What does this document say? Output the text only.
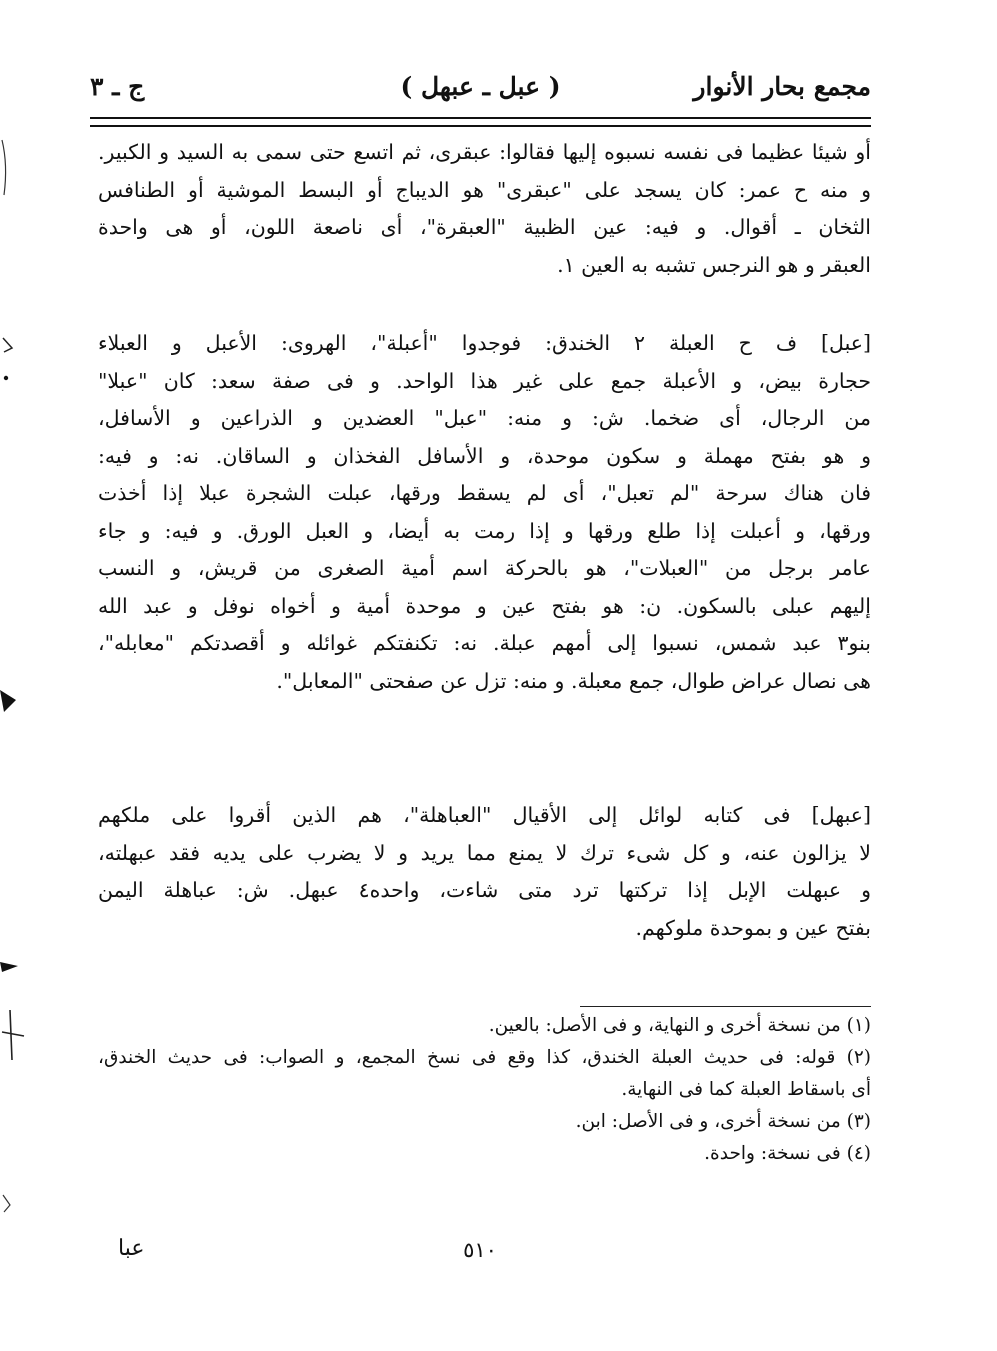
مجمع بحار الأنوار
( عبل ـ عبهل )
ج ـ ٣
أو شيئا عظيما فى نفسه نسبوه إليها فقالوا: عبقرى، ثم اتسع حتى سمى به السيد و الكبير.
و منه ح عمر: كان يسجد على "عبقرى" هو الديباج أو البسط الموشية أو الطنافس
الثخان ـ أقوال. و فيه: عين الظبية "العبقرة"، أى ناصعة اللون، أو هى واحدة
العبقر و هو النرجس تشبه به العين ١.
[عبل] ف ح العبلة ٢ الخندق: فوجدوا "أعبلة"، الهروى: الأعبل و العبلاء
حجارة بيض، و الأعبلة جمع على غير هذا الواحد. و فى صفة سعد: كان "عبلا"
من الرجال، أى ضخما. ش: و منه: "عبل" العضدين و الذراعين و الأسافل،
و هو بفتح مهملة و سكون موحدة، و الأسافل الفخذان و الساقان. نه: و فيه:
فان هناك سرحة "لم تعبل"، أى لم يسقط ورقها، عبلت الشجرة عبلا إذا أخذت
ورقها، و أعبلت إذا طلع ورقها و إذا رمت به أيضا، و العبل الورق. و فيه: و جاء
عامر برجل من "العبلات"، هو بالحركة اسم أمية الصغرى من قريش، و النسب
إليهم عبلى بالسكون. ن: هو بفتح عين و موحدة أمية و أخواه نوفل و عبد الله
بنو٣ عبد شمس، نسبوا إلى أمهم عبلة. نه: تكنفتكم غوائله و أقصدتكم "معابله"،
هى نصال عراض طوال، جمع معبلة. و منه: تزل عن صفحتى "المعابل".
[عبهل] فى كتابه لوائل إلى الأقيال "العباهلة"، هم الذين أقروا على ملكهم
لا يزالون عنه، و كل شىء ترك لا يمنع مما يريد و لا يضرب على يديه فقد عبهلته،
و عبهلت الإبل إذا تركتها ترد متى شاءت، واحده٤ عبهل. ش: عباهلة اليمن
بفتح عين و بموحدة ملوكهم.
(١) من نسخة أخرى و النهاية، و فى الأصل: بالعين.
(٢) قوله: فى حديث العبلة الخندق، كذا وقع فى نسخ المجمع، و الصواب: فى حديث الخندق،
أى باسقاط العبلة كما فى النهاية.
(٣) من نسخة أخرى، و فى الأصل: ابن.
(٤) فى نسخة: واحدة.
٥١٠
عبا
